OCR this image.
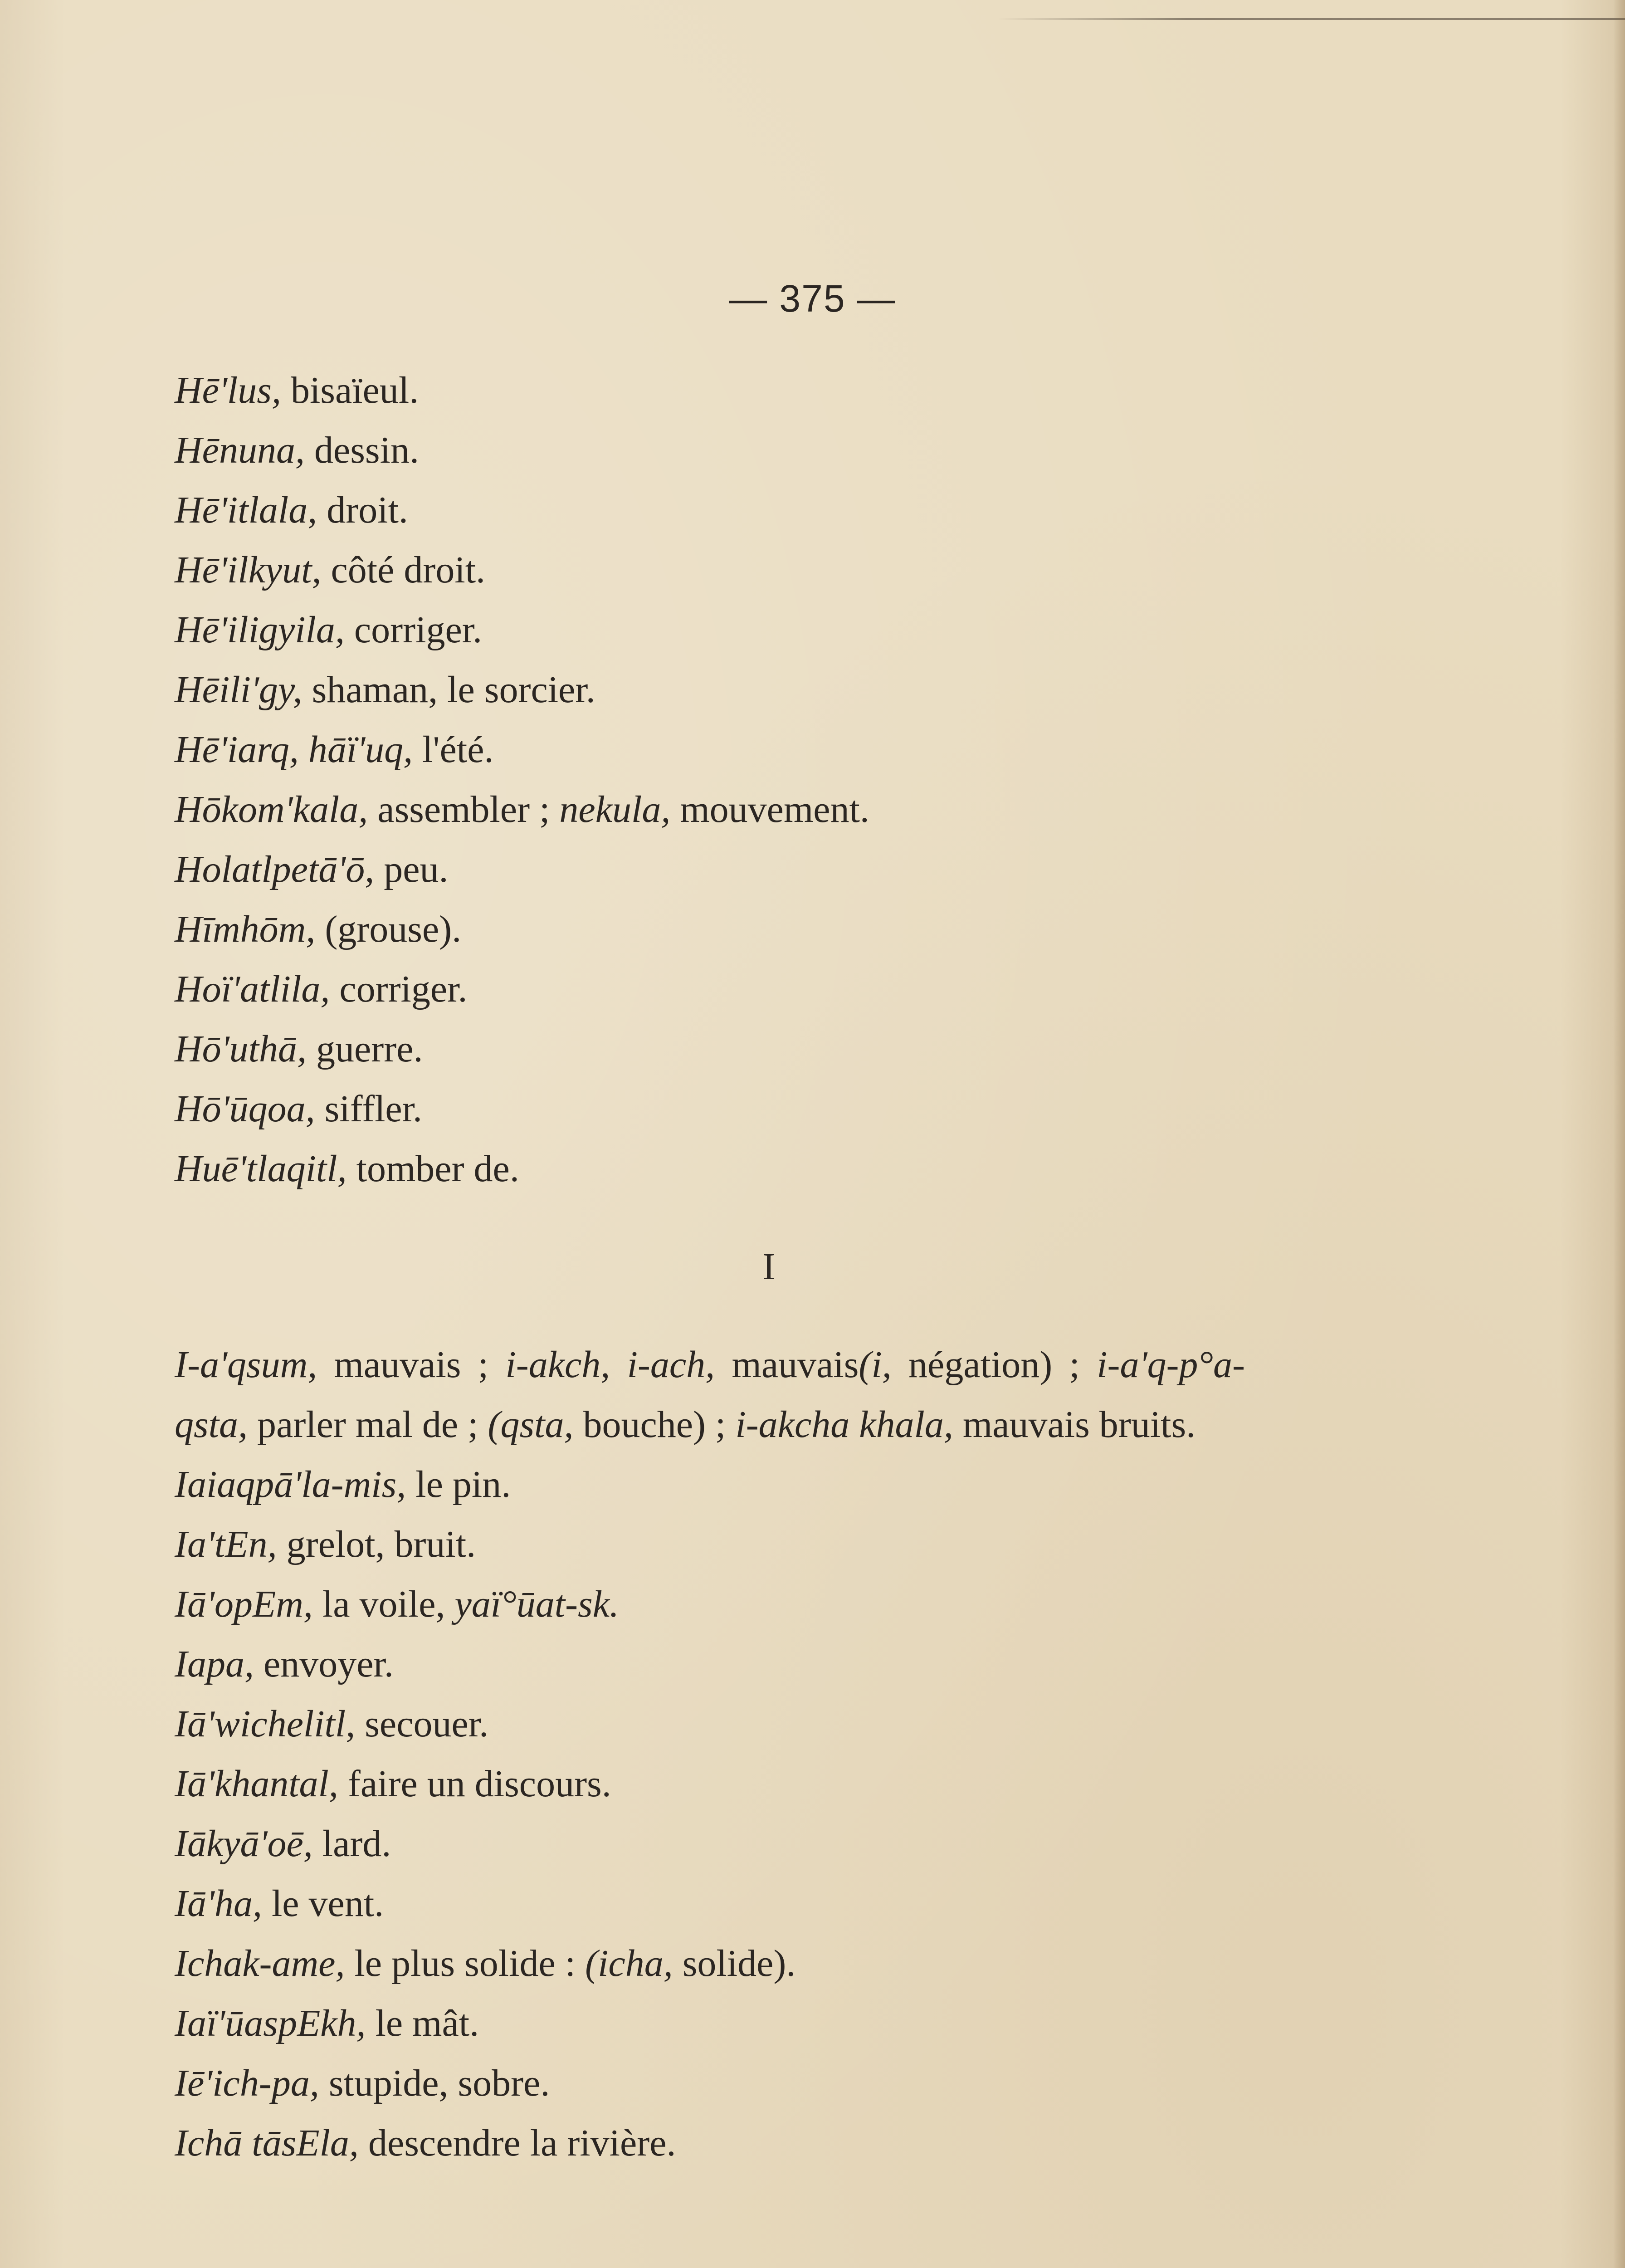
— 375 —
Hē'lus, bisaïeul.
Hēnuna, dessin.
Hē'itlala, droit.
Hē'ilkyut, côté droit.
Hē'iligyila, corriger.
Hēili'gy, shaman, le sorcier.
Hē'iarq, hāï'uq, l'été.
Hōkom'kala, assembler ; nekula, mouvement.
Holatlpetā'ō, peu.
Hīmhōm, (grouse).
Hoï'atlila, corriger.
Hō'uthā, guerre.
Hō'ūqoa, siffler.
Huē'tlaqitl, tomber de.
I
I-a'qsum, mauvais ; i-akch, i-ach, mauvais(i, négation) ; i-a'q-p°a-qsta, parler mal de ; (qsta, bouche) ; i-akcha khala, mauvais bruits.
Iaiaqpā'la-mis, le pin.
Ia'tEn, grelot, bruit.
Iā'opEm, la voile, yaï°ūat-sk.
Iapa, envoyer.
Iā'wichelitl, secouer.
Iā'khantal, faire un discours.
Iākyā'oē, lard.
Iā'ha, le vent.
Ichak-ame, le plus solide : (icha, solide).
Iaï'ūaspEkh, le mât.
Iē'ich-pa, stupide, sobre.
Ichā tāsEla, descendre la rivière.
